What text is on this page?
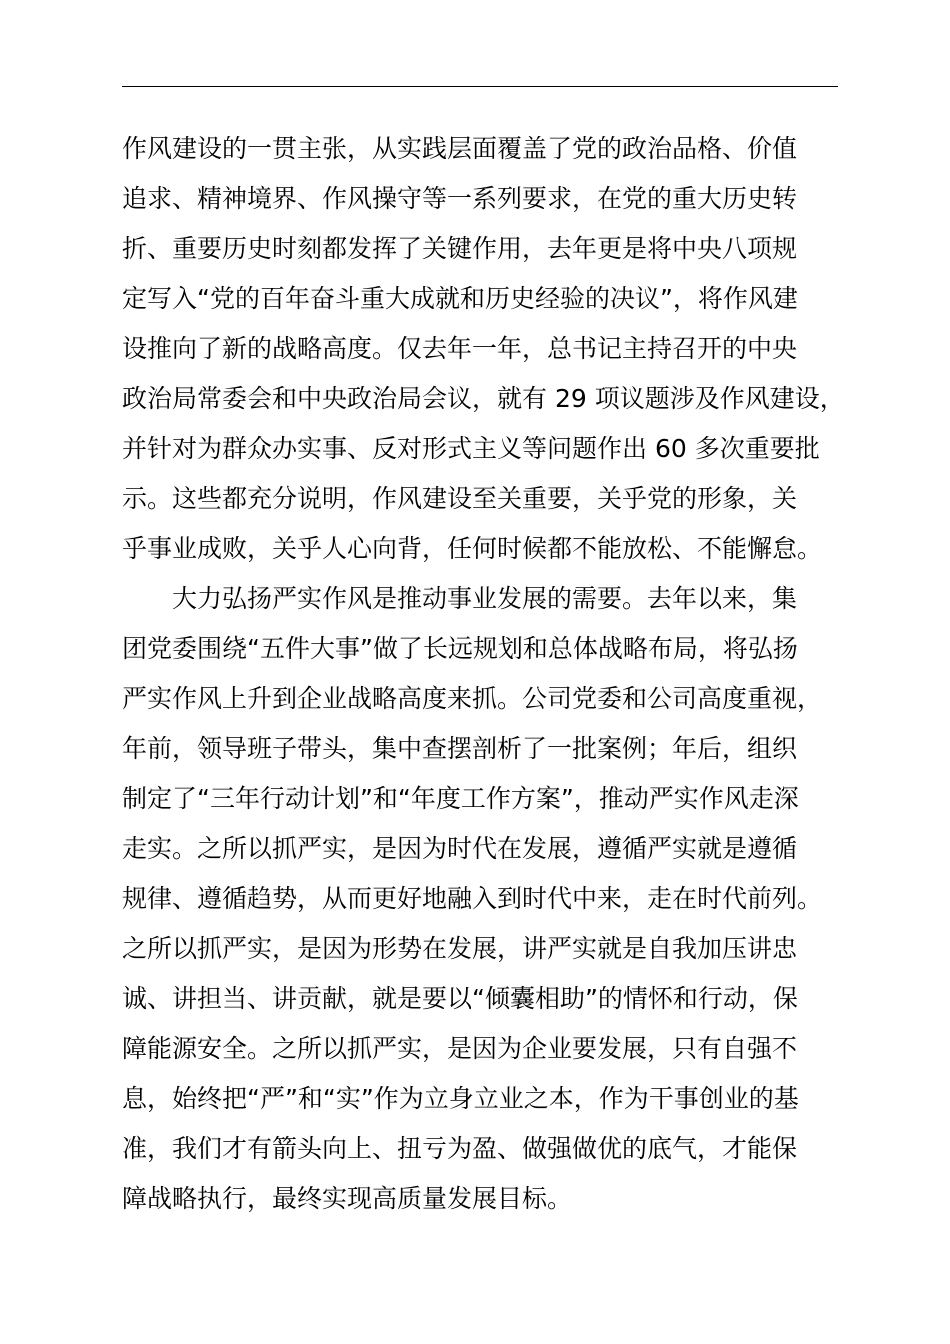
作风建设的一贯主张，从实践层面覆盖了党的政治品格、价值
追求、精神境界、作风操守等一系列要求，在党的重大历史转
折、重要历史时刻都发挥了关键作用，去年更是将中央八项规
定写入“党的百年奋斗重大成就和历史经验的决议”，将作风建
设推向了新的战略高度。仅去年一年，总书记主持召开的中央
政治局常委会和中央政治局会议，就有 29 项议题涉及作风建设，
并针对为群众办实事、反对形式主义等问题作出 60 多次重要批
示。这些都充分说明，作风建设至关重要，关乎党的形象，关
乎事业成败，关乎人心向背，任何时候都不能放松、不能懈怠。
大力弘扬严实作风是推动事业发展的需要。去年以来，集
团党委围绕“五件大事”做了长远规划和总体战略布局，将弘扬
严实作风上升到企业战略高度来抓。公司党委和公司高度重视，
年前，领导班子带头，集中查摆剖析了一批案例；年后，组织
制定了“三年行动计划”和“年度工作方案”，推动严实作风走深
走实。之所以抓严实，是因为时代在发展，遵循严实就是遵循
规律、遵循趋势，从而更好地融入到时代中来，走在时代前列。
之所以抓严实，是因为形势在发展，讲严实就是自我加压讲忠
诚、讲担当、讲贡献，就是要以“倾囊相助”的情怀和行动，保
障能源安全。之所以抓严实，是因为企业要发展，只有自强不
息，始终把“严”和“实”作为立身立业之本，作为干事创业的基
准，我们才有箭头向上、扭亏为盈、做强做优的底气，才能保
障战略执行，最终实现高质量发展目标。
